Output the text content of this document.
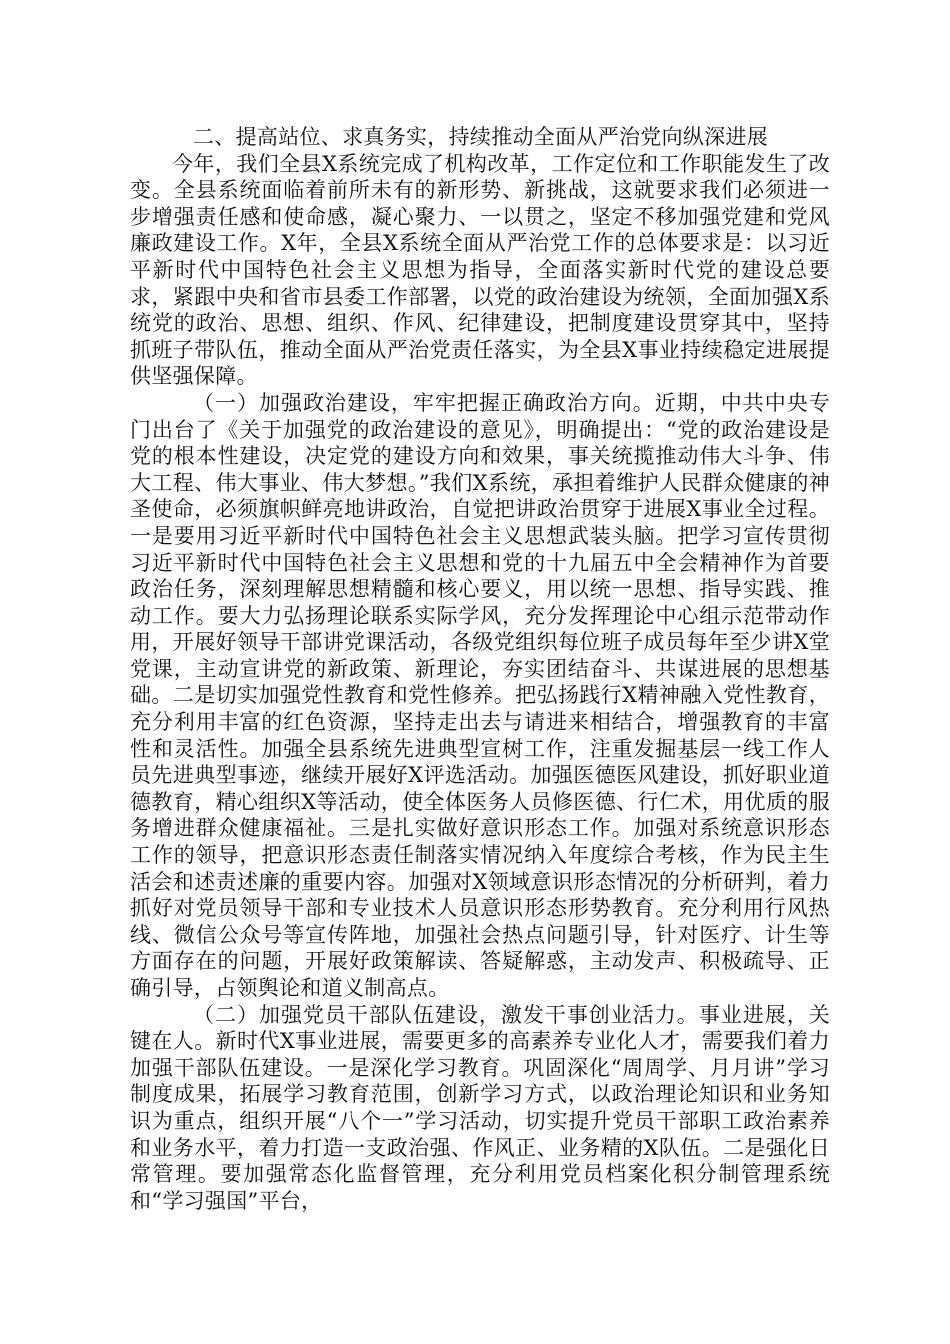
二、提高站位、求真务实，持续推动全面从严治党向纵深进展

今年，我们全县X系统完成了机构改革，工作定位和工作职能发生了改变。全县系统面临着前所未有的新形势、新挑战，这就要求我们必须进一步增强责任感和使命感，凝心聚力、一以贯之，坚定不移加强党建和党风廉政建设工作。X年，全县X系统全面从严治党工作的总体要求是：以习近平新时代中国特色社会主义思想为指导，全面落实新时代党的建设总要求，紧跟中央和省市县委工作部署，以党的政治建设为统领，全面加强X系统党的政治、思想、组织、作风、纪律建设，把制度建设贯穿其中，坚持抓班子带队伍，推动全面从严治党责任落实，为全县X事业持续稳定进展提供坚强保障。

（一）加强政治建设，牢牢把握正确政治方向。近期，中共中央专门出台了《关于加强党的政治建设的意见》，明确提出：“党的政治建设是党的根本性建设，决定党的建设方向和效果，事关统揽推动伟大斗争、伟大工程、伟大事业、伟大梦想。”我们X系统，承担着维护人民群众健康的神圣使命，必须旗帜鲜亮地讲政治，自觉把讲政治贯穿于进展X事业全过程。一是要用习近平新时代中国特色社会主义思想武装头脑。把学习宣传贯彻习近平新时代中国特色社会主义思想和党的十九届五中全会精神作为首要政治任务，深刻理解思想精髓和核心要义，用以统一思想、指导实践、推动工作。要大力弘扬理论联系实际学风，充分发挥理论中心组示范带动作用，开展好领导干部讲党课活动，各级党组织每位班子成员每年至少讲X堂党课，主动宣讲党的新政策、新理论，夯实团结奋斗、共谋进展的思想基础。二是切实加强党性教育和党性修养。把弘扬践行X精神融入党性教育，充分利用丰富的红色资源，坚持走出去与请进来相结合，增强教育的丰富性和灵活性。加强全县系统先进典型宣树工作，注重发掘基层一线工作人员先进典型事迹，继续开展好X评选活动。加强医德医风建设，抓好职业道德教育，精心组织X等活动，使全体医务人员修医德、行仁术，用优质的服务增进群众健康福祉。三是扎实做好意识形态工作。加强对系统意识形态工作的领导，把意识形态责任制落实情况纳入年度综合考核，作为民主生活会和述责述廉的重要内容。加强对X领域意识形态情况的分析研判，着力抓好对党员领导干部和专业技术人员意识形态形势教育。充分利用行风热线、微信公众号等宣传阵地，加强社会热点问题引导，针对医疗、计生等方面存在的问题，开展好政策解读、答疑解惑，主动发声、积极疏导、正确引导，占领舆论和道义制高点。

（二）加强党员干部队伍建设，激发干事创业活力。事业进展，关键在人。新时代X事业进展，需要更多的高素养专业化人才，需要我们着力加强干部队伍建设。一是深化学习教育。巩固深化“周周学、月月讲”学习制度成果，拓展学习教育范围，创新学习方式，以政治理论知识和业务知识为重点，组织开展“八个一”学习活动，切实提升党员干部职工政治素养和业务水平，着力打造一支政治强、作风正、业务精的X队伍。二是强化日常管理。要加强常态化监督管理，充分利用党员档案化积分制管理系统和“学习强国”平台，
